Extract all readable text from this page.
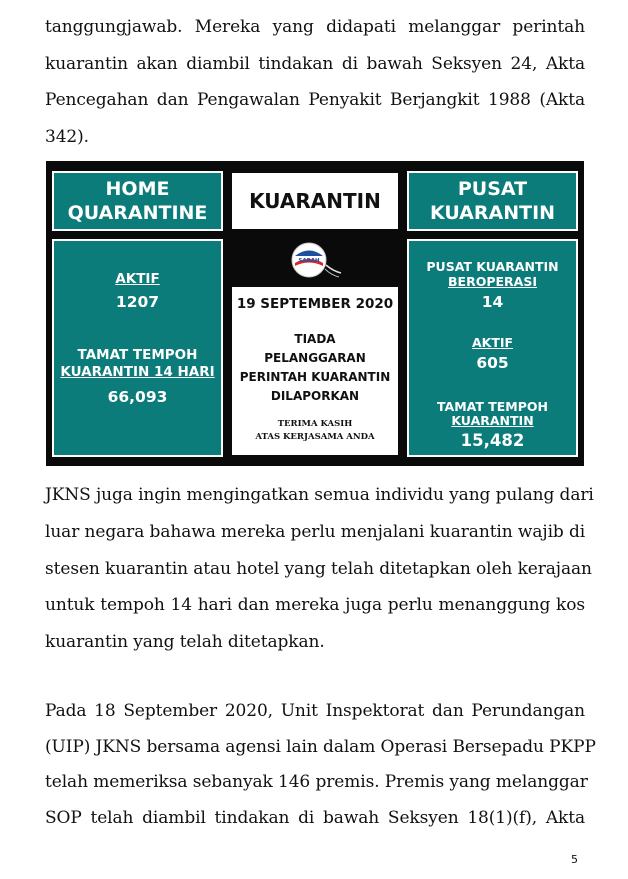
tanggungjawab. Mereka yang didapati melanggar perintah
kuarantin akan diambil tindakan di bawah Seksyen 24, Akta
Pencegahan dan Pengawalan Penyakit Berjangkit 1988 (Akta
342).

HOME
QUARANTINE KUARANTIN	PUSAT
KUARANTIN
AKTIF
1207
TAMAT TEMPOH
KUARANTIN 14 HARI
66,093
SABAH
19 SEPTEMBER 2020
TIADA
PELANGGARAN
PERINTAH KUARANTIN
DILAPORKAN
TERIMA KASIH
ATAS KERJASAMA ANDA
PUSAT KUARANTIN
BEROPERASI
14
AKTIF
605
TAMAT TEMPOH
KUARANTIN
15,482

JKNS juga ingin mengingatkan semua individu yang pulang dari
luar negara bahawa mereka perlu menjalani kuarantin wajib di
stesen kuarantin atau hotel yang telah ditetapkan oleh kerajaan
untuk tempoh 14 hari dan mereka juga perlu menanggung kos
kuarantin yang telah ditetapkan.

Pada 18 September 2020, Unit Inspektorat dan Perundangan
(UIP) JKNS bersama agensi lain dalam Operasi Bersepadu PKPP
telah memeriksa sebanyak 146 premis. Premis yang melanggar
SOP telah diambil tindakan di bawah Seksyen 18(1)(f), Akta

5
